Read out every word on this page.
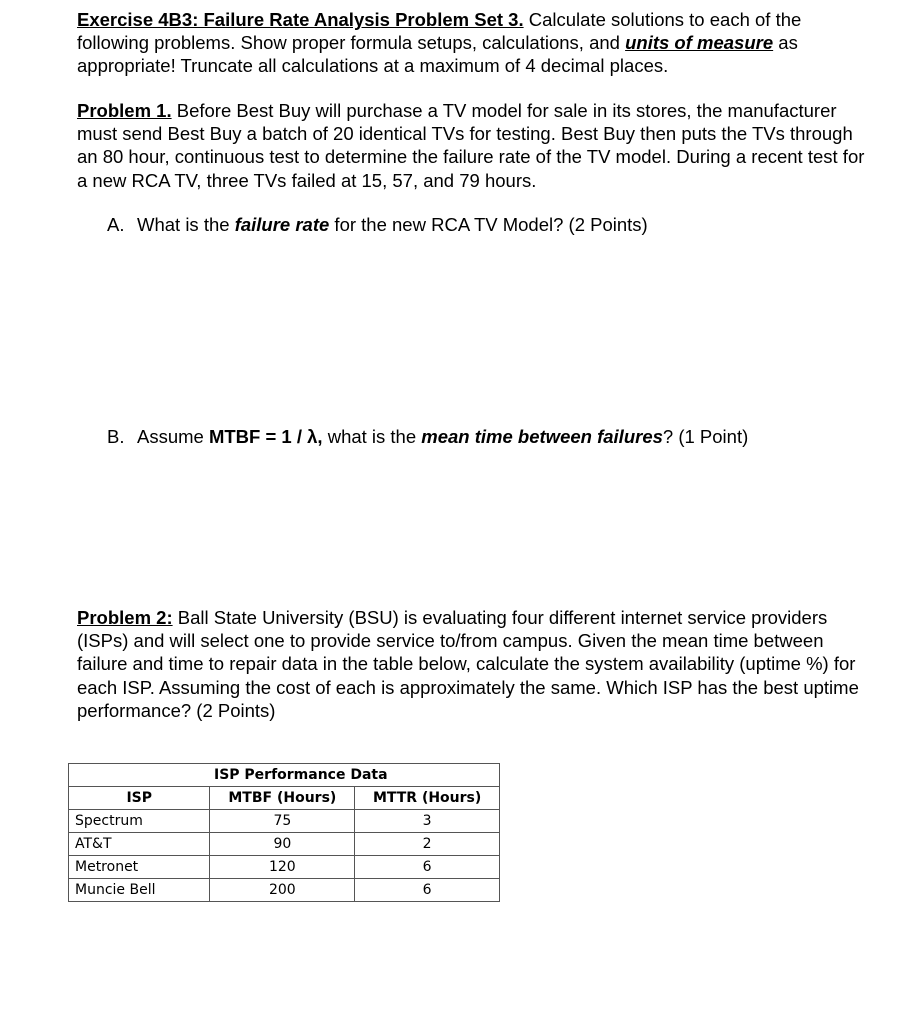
Exercise 4B3: Failure Rate Analysis Problem Set 3. Calculate solutions to each of the following problems. Show proper formula setups, calculations, and units of measure as appropriate! Truncate all calculations at a maximum of 4 decimal places.
Problem 1. Before Best Buy will purchase a TV model for sale in its stores, the manufacturer must send Best Buy a batch of 20 identical TVs for testing. Best Buy then puts the TVs through an 80 hour, continuous test to determine the failure rate of the TV model. During a recent test for a new RCA TV, three TVs failed at 15, 57, and 79 hours.
A. What is the failure rate for the new RCA TV Model? (2 Points)
B. Assume MTBF = 1 / λ, what is the mean time between failures? (1 Point)
Problem 2: Ball State University (BSU) is evaluating four different internet service providers (ISPs) and will select one to provide service to/from campus. Given the mean time between failure and time to repair data in the table below, calculate the system availability (uptime %) for each ISP. Assuming the cost of each is approximately the same. Which ISP has the best uptime performance? (2 Points)
	ISP Performance Data	
ISP	MTBF (Hours)	MTTR (Hours)
Spectrum	75	3
AT&T	90	2
Metronet	120	6
Muncie Bell	200	6
